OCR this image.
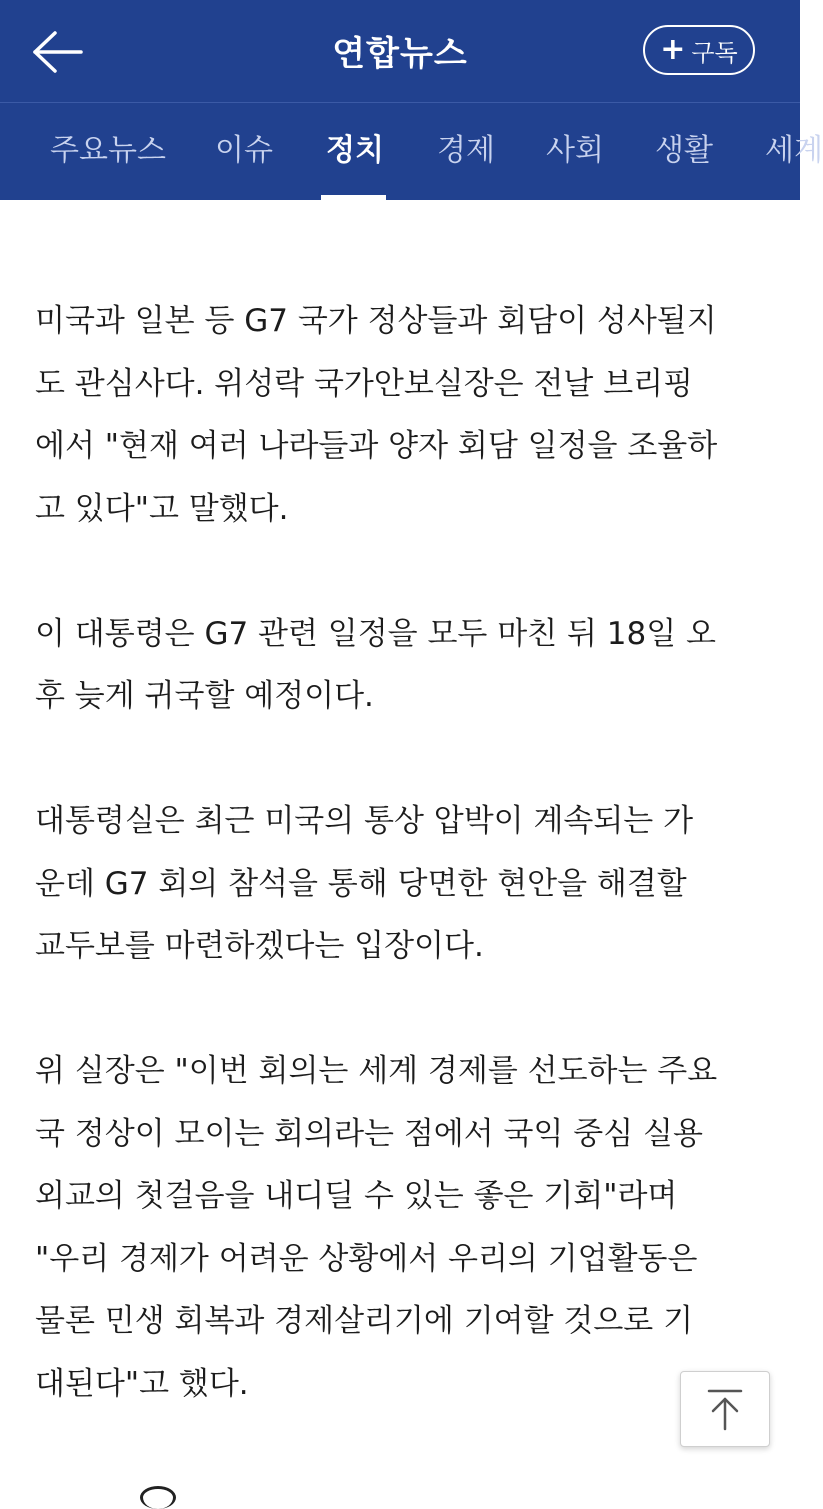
연합뉴스	+ 구독
주요뉴스 이슈 정치 경제 사회 생활 세계

미국과 일본 등 G7 국가 정상들과 회담이 성사될지
도 관심사다. 위성락 국가안보실장은 전날 브리핑
에서 "현재 여러 나라들과 양자 회담 일정을 조율하
고 있다"고 말했다.

이 대통령은 G7 관련 일정을 모두 마친 뒤 18일 오
후 늦게 귀국할 예정이다.

대통령실은 최근 미국의 통상 압박이 계속되는 가
운데 G7 회의 참석을 통해 당면한 현안을 해결할
교두보를 마련하겠다는 입장이다.

위 실장은 "이번 회의는 세계 경제를 선도하는 주요
국 정상이 모이는 회의라는 점에서 국익 중심 실용
외교의 첫걸음을 내디딜 수 있는 좋은 기회"라며
"우리 경제가 어려운 상황에서 우리의 기업활동은
물론 민생 회복과 경제살리기에 기여할 것으로 기
대된다"고 했다.
